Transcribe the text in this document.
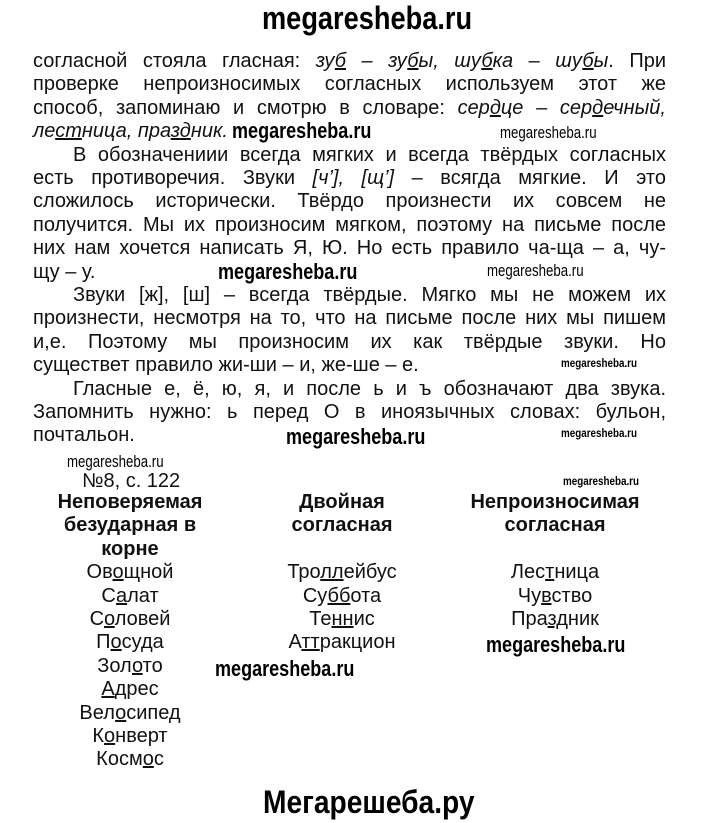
megaresheba.ru
согласной стояла гласная: зуб – зубы, шубка – шубы. При
проверке непроизносимых согласных используем этот же
способ, запоминаю и смотрю в словаре: сердце – сердечный,
лестница, праздник.
В обозначениии всегда мягких и всегда твёрдых согласных
есть противоречия. Звуки [ч’], [щ’] – всягда мягкие. И это
сложилось исторически. Твёрдо произнести их совсем не
получится. Мы их произносим мягком, поэтому на письме после
них нам хочется написать Я, Ю. Но есть правило ча-ща – а, чу-
щу – у.
Звуки [ж], [ш] – всегда твёрдые. Мягко мы не можем их
произнести, несмотря на то, что на письме после них мы пишем
и,е. Поэтому мы произносим их как твёрдые звуки. Но
существет правило жи-ши – и, же-ше – е.
Гласные е, ё, ю, я, и после ь и ъ обозначают два звука.
Запомнить нужно: ь перед О в иноязычных словах: бульон,
почтальон.
megaresheba.ru	megaresheba.ru
megaresheba.ru
megaresheba.ru
megaresheba.ru
megaresheba.ru
megaresheba.ru
megaresheba.ru
megaresheba.ru
megaresheba.ru
megaresheba.ru
№8, с. 122
Неповеряемая
безударная в
корне
Овощной
Салат
Соловей
Посуда
Золото
Адрес
Велосипед
Конверт
Космос
Двойная
согласная
Троллейбус
Суббота
Теннис
Аттракцион
Непроизносимая
согласная
Лестница
Чувство
Праздник
Мегарешеба.ру
